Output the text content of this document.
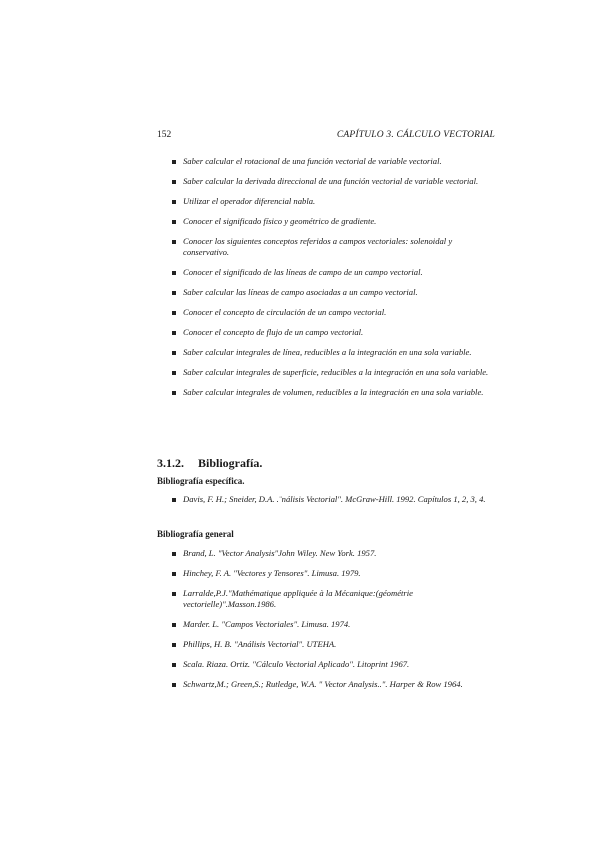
152	CAPÍTULO 3. CÁLCULO VECTORIAL
Saber calcular el rotacional de una función vectorial de variable vectorial.
Saber calcular la derivada direccional de una función vectorial de variable vectorial.
Utilizar el operador diferencial nabla.
Conocer el significado físico y geométrico de gradiente.
Conocer los siguientes conceptos referidos a campos vectoriales: solenoidal y conservativo.
Conocer el significado de las líneas de campo de un campo vectorial.
Saber calcular las líneas de campo asociadas a un campo vectorial.
Conocer el concepto de circulación de un campo vectorial.
Conocer el concepto de flujo de un campo vectorial.
Saber calcular integrales de línea, reducibles a la integración en una sola variable.
Saber calcular integrales de superficie, reducibles a la integración en una sola variable.
Saber calcular integrales de volumen, reducibles a la integración en una sola variable.
3.1.2. Bibliografía.
Bibliografía específica.
Davis, F. H.; Sneider, D.A. .¨nálisis Vectorial". McGraw-Hill. 1992. Capítulos 1, 2, 3, 4.
Bibliografía general
Brand, L. "Vector Analysis"John Wiley. New York. 1957.
Hinchey, F. A. "Vectores y Tensores". Limusa. 1979.
Larralde,P.J."Mathématique appliquée à la Mécanique:(géométrie vectorielle)".Masson.1986.
Marder. L. "Campos Vectoriales". Limusa. 1974.
Phillips, H. B. "Análisis Vectorial". UTEHA.
Scala. Riaza. Ortiz. "Cálculo Vectorial Aplicado". Litoprint 1967.
Schwartz,M.; Green,S.; Rutledge, W.A. " Vector Analysis..". Harper & Row 1964.
